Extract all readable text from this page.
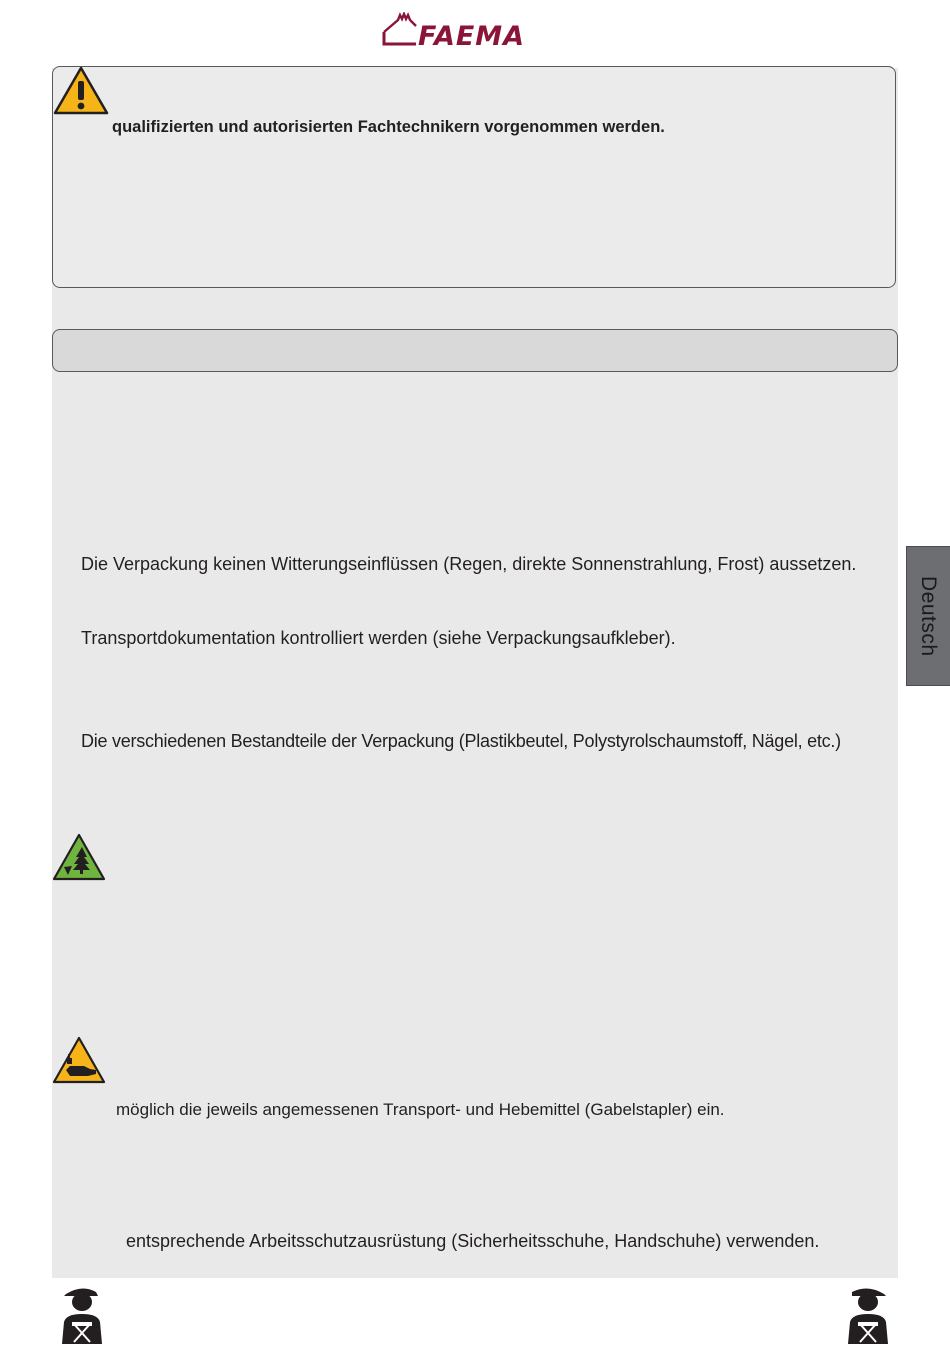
FAEMA
qualifizierten und autorisierten Fachtechnikern vorgenommen werden.
Die Verpackung keinen Witterungseinflüssen (Regen, direkte Sonnenstrahlung, Frost) aussetzen.
Transportdokumentation kontrolliert werden (siehe Verpackungsaufkleber).
Die verschiedenen Bestandteile der Verpackung (Plastikbeutel, Polystyrolschaumstoff, Nägel, etc.)
möglich die jeweils angemessenen Transport- und Hebemittel (Gabelstapler) ein.
entsprechende Arbeitsschutzausrüstung (Sicherheitsschuhe, Handschuhe) verwenden.
Deutsch
